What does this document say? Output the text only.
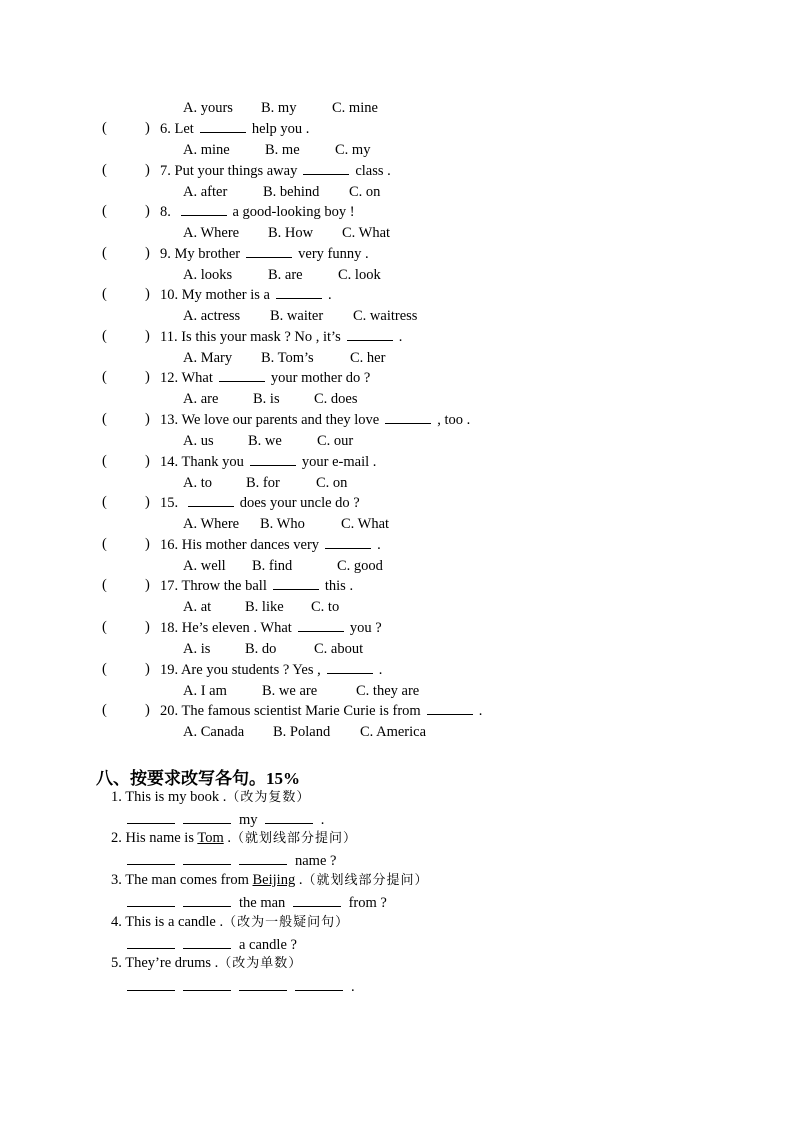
A. yours B. my C. mine
(	) 6. Let	help you .
A. mine B. me C. my
(	) 7. Put your things away	class .
A. after B. behind C. on
(	) 8.	a good-looking boy !
A. Where B. How C. What
(	) 9. My brother	very funny .
A. looks B. are C. look
(	) 10. My mother is a	.
A. actress B. waiter C. waitress
(	) 11. Is this your mask ? No , it’s	.
A. Mary B. Tom’s	C. her
(	) 12. What	your mother do ?
A. are B. is C. does
(	) 13. We love our parents and they love	, too .
A. us B. we C. our
(	) 14. Thank you	your e-mail .
A. to B. for C. on
(	) 15.	does your uncle do ?
A. Where B. Who C. What
(	) 16. His mother dances very	.
A. well B. find	C. good
(	) 17. Throw the ball	this .
A. at B. like C. to
(	) 18. He’s eleven . What	you ?
A. is B. do	C. about
(	) 19. Are you students ? Yes ,	.
A. I am B. we are	C. they are
(	) 20. The famous scientist Marie Curie is from	.
A. Canada B. Poland C. America
八、按要求改写各句。15%
1. This is my book .（改为复数）
my	.
2. His name is Tom .（就划线部分提问）
name ?
3. The man comes from Beijing .（就划线部分提问）
the man	from ?
4. This is a candle .（改为一般疑问句）
a candle ?
5. They’re drums .（改为单数）
.
